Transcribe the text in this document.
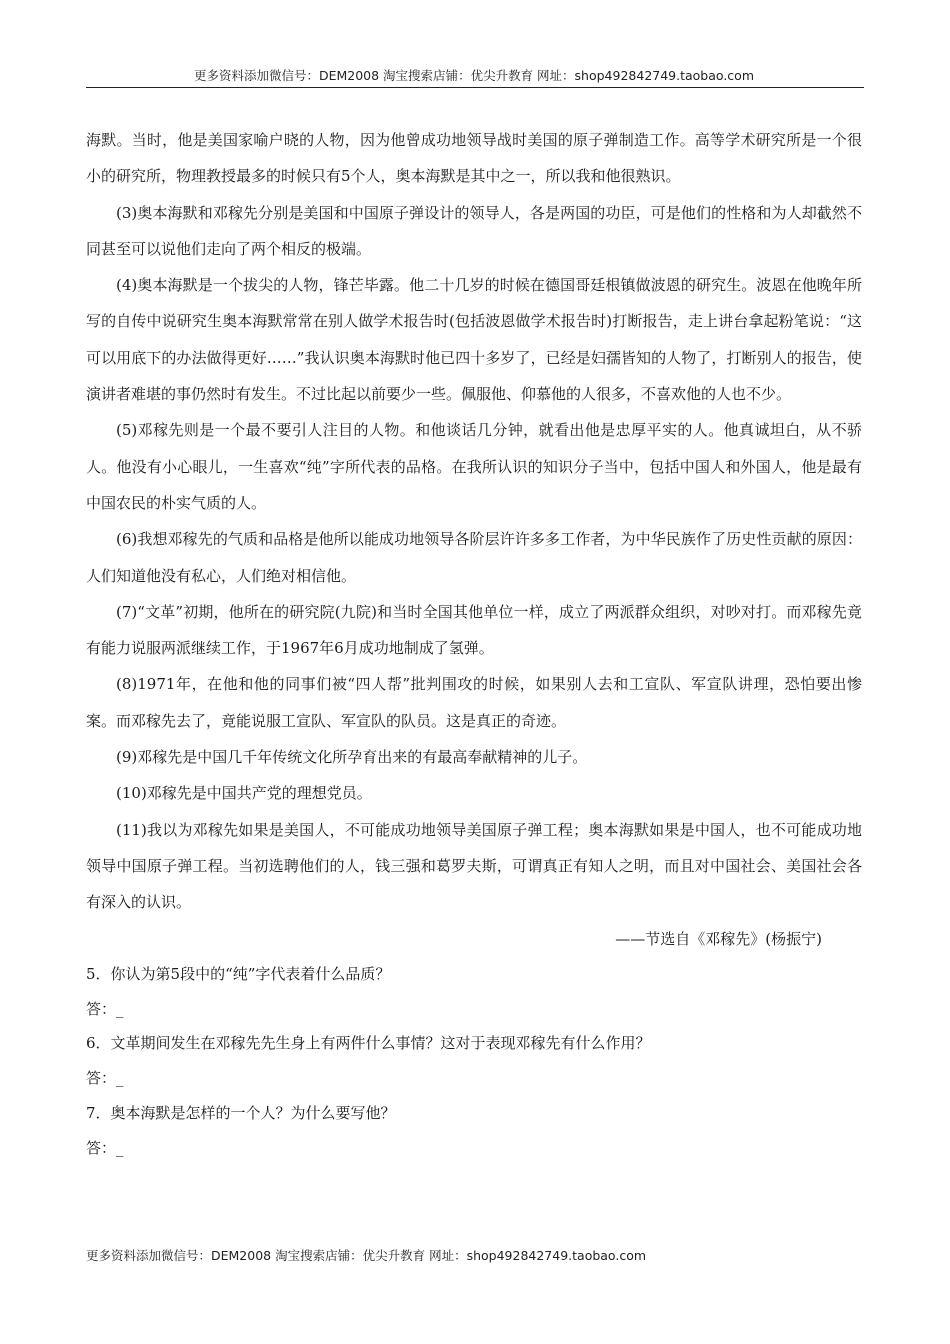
更多资料添加微信号：DEM2008 淘宝搜索店铺：优尖升教育 网址：shop492842749.taobao.com

海默。当时，他是美国家喻户晓的人物，因为他曾成功地领导战时美国的原子弹制造工作。高等学术研究所是一个很小的研究所，物理教授最多的时候只有5个人，奥本海默是其中之一，所以我和他很熟识。

(3)奥本海默和邓稼先分别是美国和中国原子弹设计的领导人，各是两国的功臣，可是他们的性格和为人却截然不同甚至可以说他们走向了两个相反的极端。

(4)奥本海默是一个拔尖的人物，锋芒毕露。他二十几岁的时候在德国哥廷根镇做波恩的研究生。波恩在他晚年所写的自传中说研究生奥本海默常常在别人做学术报告时(包括波恩做学术报告时)打断报告，走上讲台拿起粉笔说：“这可以用底下的办法做得更好……”我认识奥本海默时他已四十多岁了，已经是妇孺皆知的人物了，打断别人的报告，使演讲者难堪的事仍然时有发生。不过比起以前要少一些。佩服他、仰慕他的人很多，不喜欢他的人也不少。

(5)邓稼先则是一个最不要引人注目的人物。和他谈话几分钟，就看出他是忠厚平实的人。他真诚坦白，从不骄人。他没有小心眼儿，一生喜欢“纯”字所代表的品格。在我所认识的知识分子当中，包括中国人和外国人，他是最有中国农民的朴实气质的人。

(6)我想邓稼先的气质和品格是他所以能成功地领导各阶层许许多多工作者，为中华民族作了历史性贡献的原因：人们知道他没有私心，人们绝对相信他。

(7)“文革”初期，他所在的研究院(九院)和当时全国其他单位一样，成立了两派群众组织，对吵对打。而邓稼先竟有能力说服两派继续工作，于1967年6月成功地制成了氢弹。

(8)1971年，在他和他的同事们被“四人帮”批判围攻的时候，如果别人去和工宣队、军宣队讲理，恐怕要出惨案。而邓稼先去了，竟能说服工宣队、军宣队的队员。这是真正的奇迹。

(9)邓稼先是中国几千年传统文化所孕育出来的有最高奉献精神的儿子。

(10)邓稼先是中国共产党的理想党员。

(11)我以为邓稼先如果是美国人，不可能成功地领导美国原子弹工程；奥本海默如果是中国人，也不可能成功地领导中国原子弹工程。当初选聘他们的人，钱三强和葛罗夫斯，可谓真正有知人之明，而且对中国社会、美国社会各有深入的认识。

——节选自《邓稼先》(杨振宁)

5．你认为第5段中的“纯”字代表着什么品质？

答：_

6．文革期间发生在邓稼先先生身上有两件什么事情？这对于表现邓稼先有什么作用？

答：_

7．奥本海默是怎样的一个人？为什么要写他？

答：_

更多资料添加微信号：DEM2008 淘宝搜索店铺：优尖升教育 网址：shop492842749.taobao.com
